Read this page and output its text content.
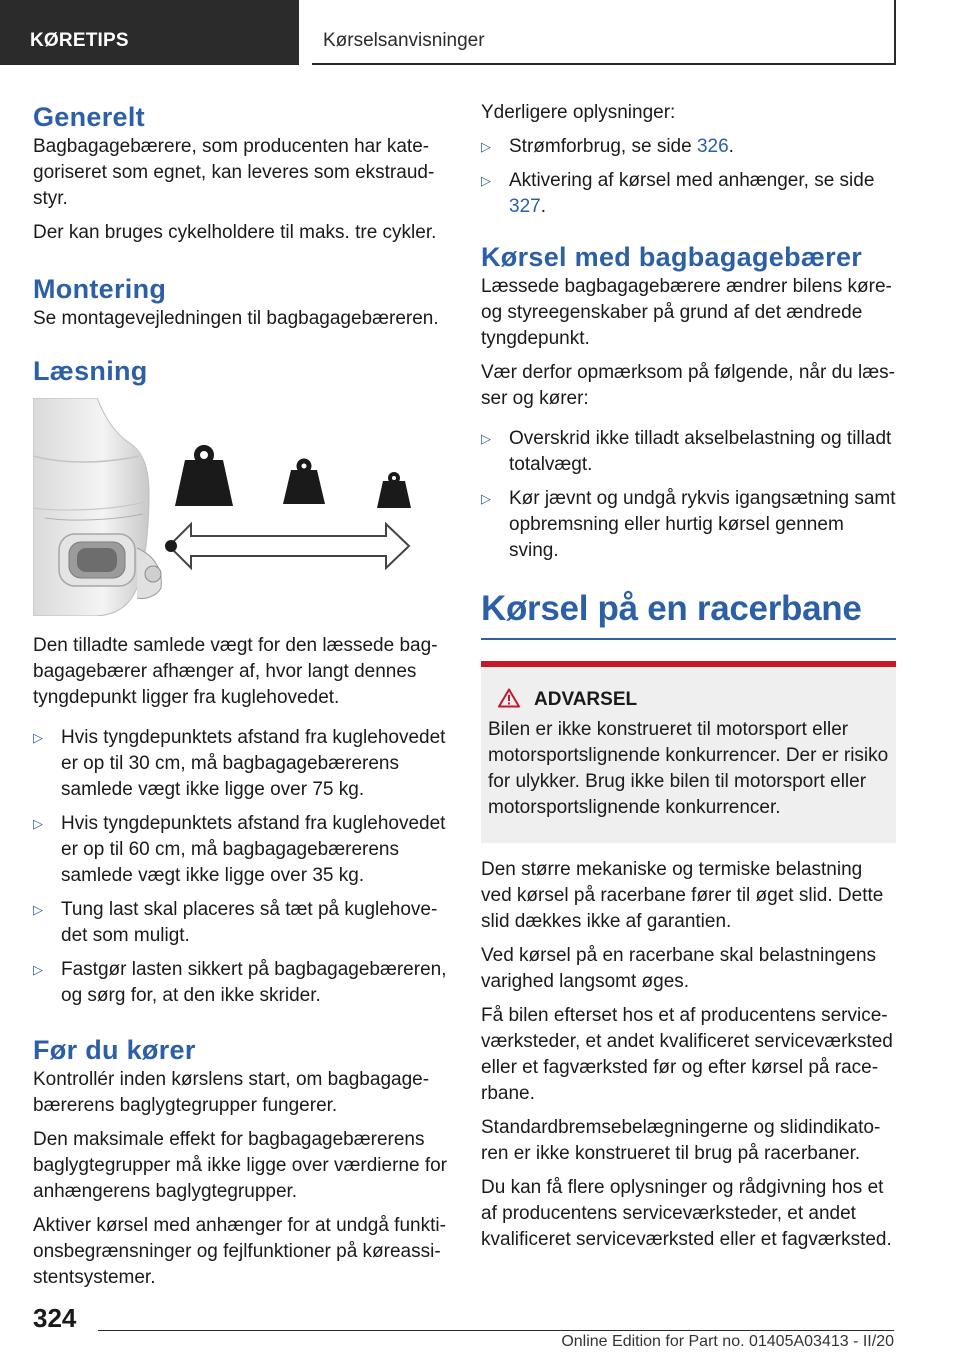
KØRETIPS	Kørselsanvisninger
Generelt

Bagbagagebærere, som producenten har kategoriseret som egnet, kan leveres som ekstraudstyr.

Der kan bruges cykelholdere til maks. tre cykler.

Montering

Se montagevejledningen til bagbagagebæreren.

Læsning

Den tilladte samlede vægt for den læssede bagbagagebærer afhænger af, hvor langt dennes tyngdepunkt ligger fra kuglehovedet.

▷ Hvis tyngdepunktets afstand fra kuglehovedet er op til 30 cm, må bagbagagebærerens samlede vægt ikke ligge over 75 kg.
▷ Hvis tyngdepunktets afstand fra kuglehovedet er op til 60 cm, må bagbagagebærerens samlede vægt ikke ligge over 35 kg.
▷ Tung last skal placeres så tæt på kuglehovedet som muligt.
▷ Fastgør lasten sikkert på bagbagagebæreren, og sørg for, at den ikke skrider.
Før du kører

Kontrollér inden kørslens start, om bagbagagebærerens baglygtegrupper fungerer.

Den maksimale effekt for bagbagagebærerens baglygtegrupper må ikke ligge over værdierne for anhængerens baglygtegrupper.

Aktiver kørsel med anhænger for at undgå funktionsbegrænsninger og fejlfunktioner på køreassistentsystemer.

Yderligere oplysninger:

▷ Strømforbrug, se side 326.
▷ Aktivering af kørsel med anhænger, se side 327.
Kørsel med bagbagagebærer

Læssede bagbagagebærere ændrer bilens køre- og styreegenskaber på grund af det ændrede tyngdepunkt.

Vær derfor opmærksom på følgende, når du læsser og kører:

▷ Overskrid ikke tilladt akselbelastning og tilladt totalvægt.
▷ Kør jævnt og undgå rykvis igangsætning samt opbremsning eller hurtig kørsel gennem sving.
Kørsel på en racerbane
ADVARSEL
Bilen er ikke konstrueret til motorsport eller motorsportslignende konkurrencer. Der er risiko for ulykker. Brug ikke bilen til motorsport eller motorsportslignende konkurrencer.

Den større mekaniske og termiske belastning ved kørsel på racerbane fører til øget slid. Dette slid dækkes ikke af garantien.

Ved kørsel på en racerbane skal belastningens varighed langsomt øges.

Få bilen efterset hos et af producentens serviceværksteder, et andet kvalificeret serviceværksted eller et fagværksted før og efter kørsel på racerbane.

Standardbremsebelægningerne og slidindikatoren er ikke konstrueret til brug på racerbaner.

Du kan få flere oplysninger og rådgivning hos et af producentens serviceværksteder, et andet kvalificeret serviceværksted eller et fagværksted.

324
Online Edition for Part no. 01405A03413 - II/20
